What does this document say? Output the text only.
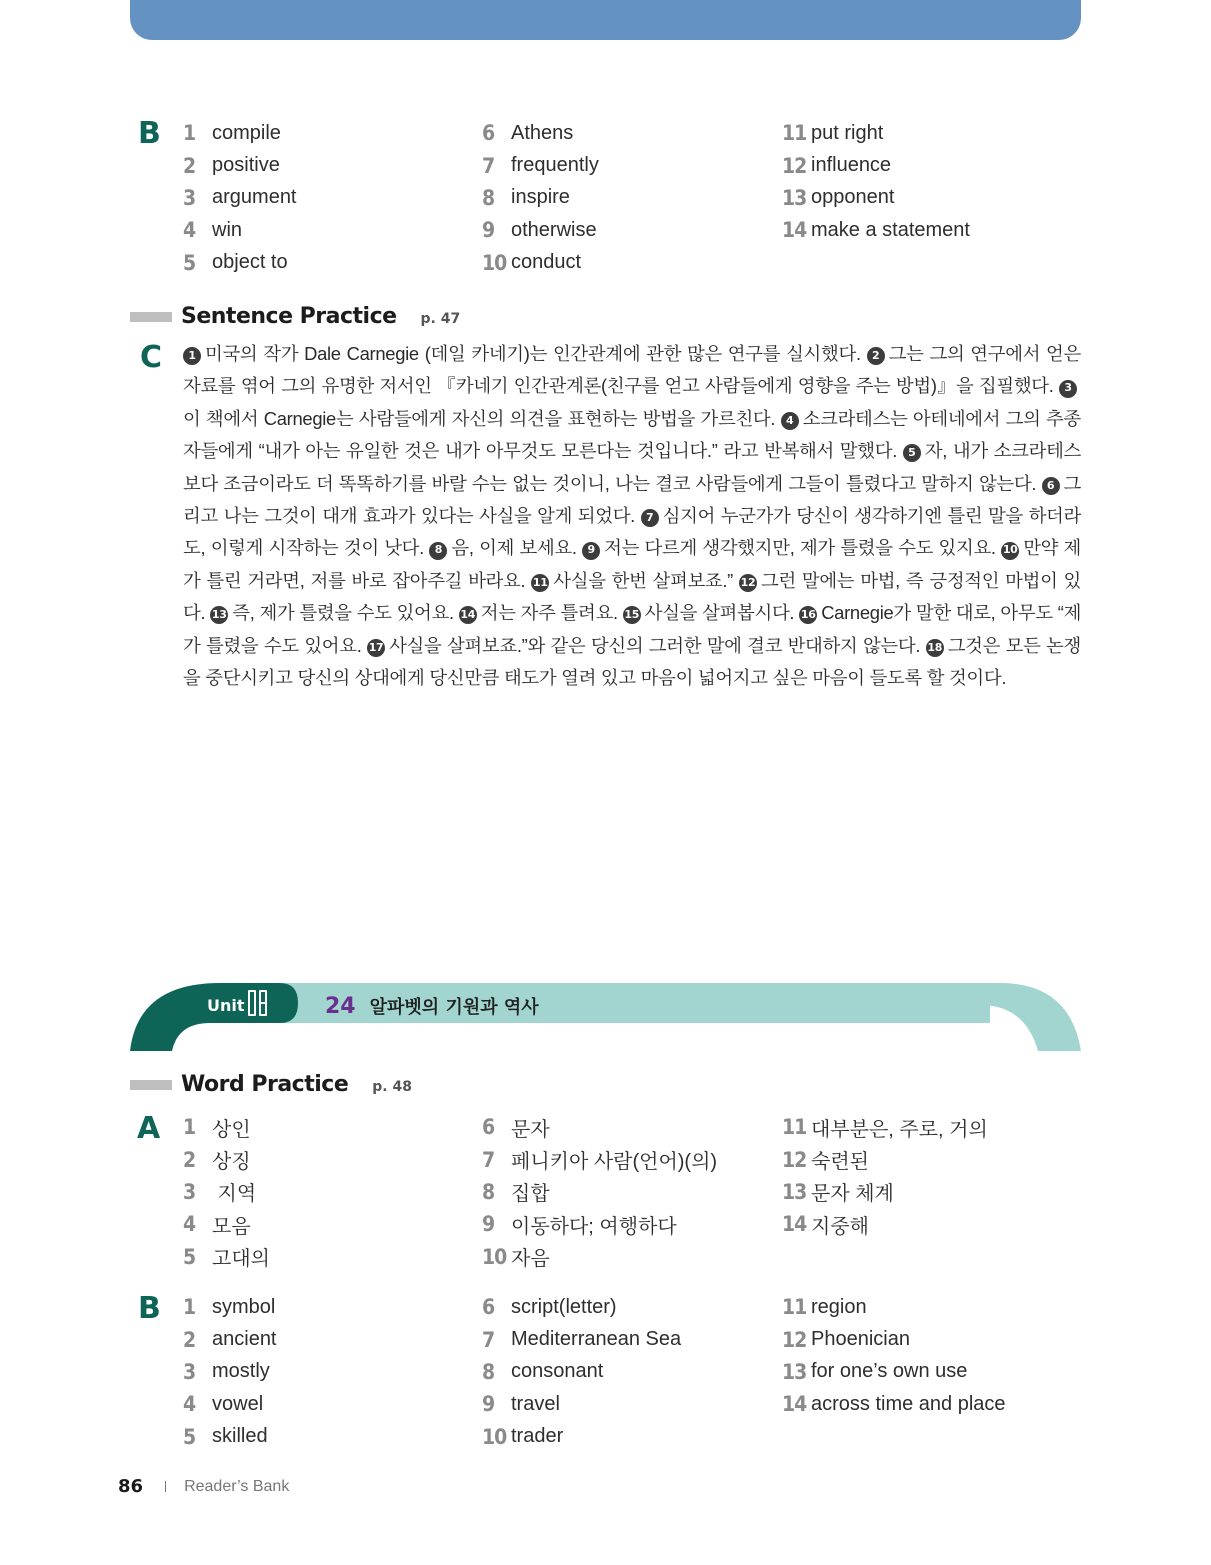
B 1 compile
2 positive
3 argument
4 win
5 object to
6 Athens
7 frequently
8 inspire
9 otherwise
10 conduct
11 put right
12 influence
13 opponent
14 make a statement
Sentence Practice p. 47
C	1 미국의 작가 Dale Carnegie (데일 카네기)는 인간관계에 관한 많은 연구를 실시했다. 2 그는 그의 연구에서 얻은 자료를 엮어 그의 유명한 저서인 『카네기 인간관계론(친구를 얻고 사람들에게 영향을 주는 방법)』을 집필했다. 3이 책에서 Carnegie는 사람들에게 자신의 의견을 표현하는 방법을 가르친다. 4 소크라테스는 아테네에서 그의 추종자들에게 “내가 아는 유일한 것은 내가 아무것도 모른다는 것입니다.” 라고 반복해서 말했다. 5 자, 내가 소크라테스보다 조금이라도 더 똑똑하기를 바랄 수는 없는 것이니, 나는 결코 사람들에게 그들이 틀렸다고 말하지 않는다. 6 그리고 나는 그것이 대개 효과가 있다는 사실을 알게 되었다. 7 심지어 누군가가 당신이 생각하기엔 틀린 말을 하더라도, 이렇게 시작하는 것이 낫다. 8 음, 이제 보세요. 9 저는 다르게 생각했지만, 제가 틀렸을 수도 있지요. 10 만약 제가 틀린 거라면, 저를 바로 잡아주길 바라요. 11 사실을 한번 살펴보죠.” 12 그런 말에는 마법, 즉 긍정적인 마법이 있다. 13 즉, 제가 틀렸을 수도 있어요. 14 저는 자주 틀려요. 15 사실을 살펴봅시다. 16 Carnegie가 말한 대로, 아무도 “제가 틀렸을 수도 있어요. 17 사실을 살펴보죠.”와 같은 당신의 그러한 말에 결코 반대하지 않는다. 18 그것은 모든 논쟁을 중단시키고 당신의 상대에게 당신만큼 태도가 열려 있고 마음이 넓어지고 싶은 마음이 들도록 할 것이다.
Unit	24 알파벳의 기원과 역사
Word Practice p. 48
A 1 상인
2 상징
3 지역
4 모음
5 고대의
6 문자
7 페니키아 사람(언어)(의)
8 집합
9 이동하다; 여행하다
10 자음
11 대부분은, 주로, 거의
12 숙련된
13 문자 체계
14 지중해
B 1 symbol
2 ancient
3 mostly
4 vowel
5 skilled
6 script(letter)
7 Mediterranean Sea
8 consonant
9 travel
10 trader
11 region
12 Phoenician
13 for one’s own use
14 across time and place
86	Reader’s Bank
